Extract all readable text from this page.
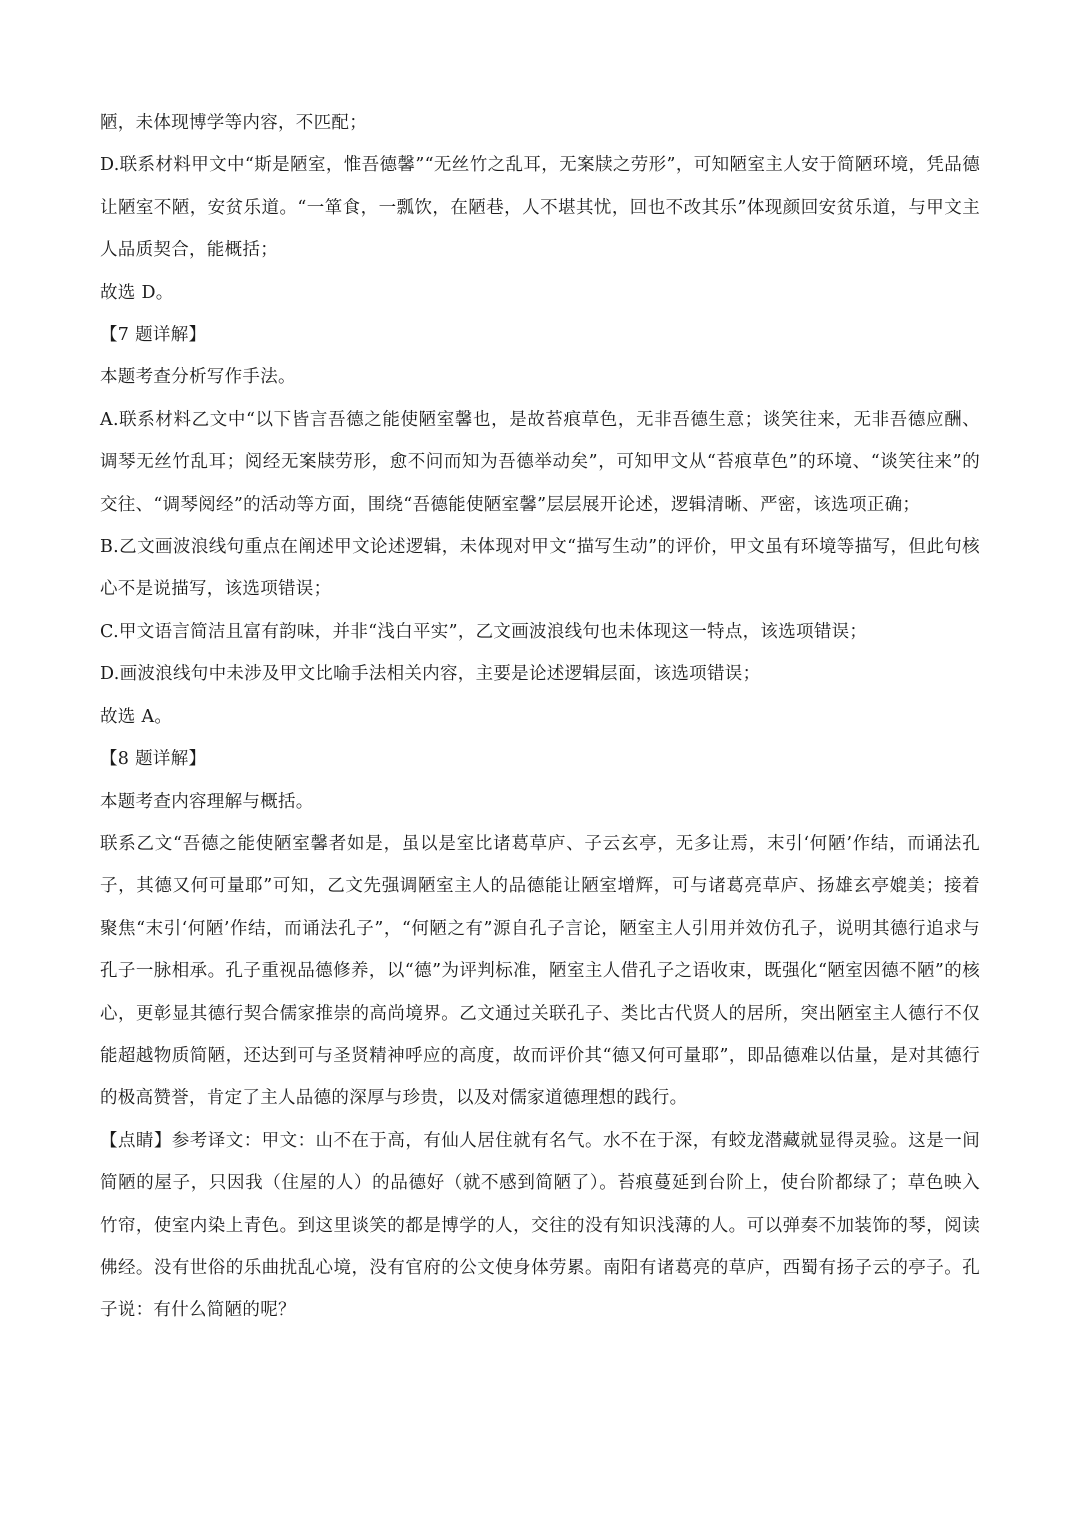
陋，未体现博学等内容，不匹配；

D.联系材料甲文中“斯是陋室，惟吾德馨”“无丝竹之乱耳，无案牍之劳形”，可知陋室主人安于简陋环境，凭品德让陋室不陋，安贫乐道。“一箪食，一瓢饮，在陋巷，人不堪其忧，回也不改其乐”体现颜回安贫乐道，与甲文主人品质契合，能概括；

故选 D。

【7 题详解】

本题考查分析写作手法。

A.联系材料乙文中“以下皆言吾德之能使陋室馨也，是故苔痕草色，无非吾德生意；谈笑往来，无非吾德应酬、调琴无丝竹乱耳；阅经无案牍劳形，愈不问而知为吾德举动矣”，可知甲文从“苔痕草色”的环境、“谈笑往来”的交往、“调琴阅经”的活动等方面，围绕“吾德能使陋室馨”层层展开论述，逻辑清晰、严密，该选项正确；

B.乙文画波浪线句重点在阐述甲文论述逻辑，未体现对甲文“描写生动”的评价，甲文虽有环境等描写，但此句核心不是说描写，该选项错误；

C.甲文语言简洁且富有韵味，并非“浅白平实”，乙文画波浪线句也未体现这一特点，该选项错误；

D.画波浪线句中未涉及甲文比喻手法相关内容，主要是论述逻辑层面，该选项错误；

故选 A。

【8 题详解】

本题考查内容理解与概括。

联系乙文“吾德之能使陋室馨者如是，虽以是室比诸葛草庐、子云玄亭，无多让焉，末引‘何陋’作结，而诵法孔子，其德又何可量耶”可知，乙文先强调陋室主人的品德能让陋室增辉，可与诸葛亮草庐、扬雄玄亭媲美；接着聚焦“末引‘何陋’作结，而诵法孔子”，“何陋之有”源自孔子言论，陋室主人引用并效仿孔子，说明其德行追求与孔子一脉相承。孔子重视品德修养，以“德”为评判标准，陋室主人借孔子之语收束，既强化“陋室因德不陋”的核心，更彰显其德行契合儒家推崇的高尚境界。乙文通过关联孔子、类比古代贤人的居所，突出陋室主人德行不仅能超越物质简陋，还达到可与圣贤精神呼应的高度，故而评价其“德又何可量耶”，即品德难以估量，是对其德行的极高赞誉，肯定了主人品德的深厚与珍贵，以及对儒家道德理想的践行。

【点睛】参考译文：甲文：山不在于高，有仙人居住就有名气。水不在于深，有蛟龙潜藏就显得灵验。这是一间简陋的屋子，只因我（住屋的人）的品德好（就不感到简陋了）。苔痕蔓延到台阶上，使台阶都绿了；草色映入竹帘，使室内染上青色。到这里谈笑的都是博学的人，交往的没有知识浅薄的人。可以弹奏不加装饰的琴，阅读佛经。没有世俗的乐曲扰乱心境，没有官府的公文使身体劳累。南阳有诸葛亮的草庐，西蜀有扬子云的亭子。孔子说：有什么简陋的呢？
